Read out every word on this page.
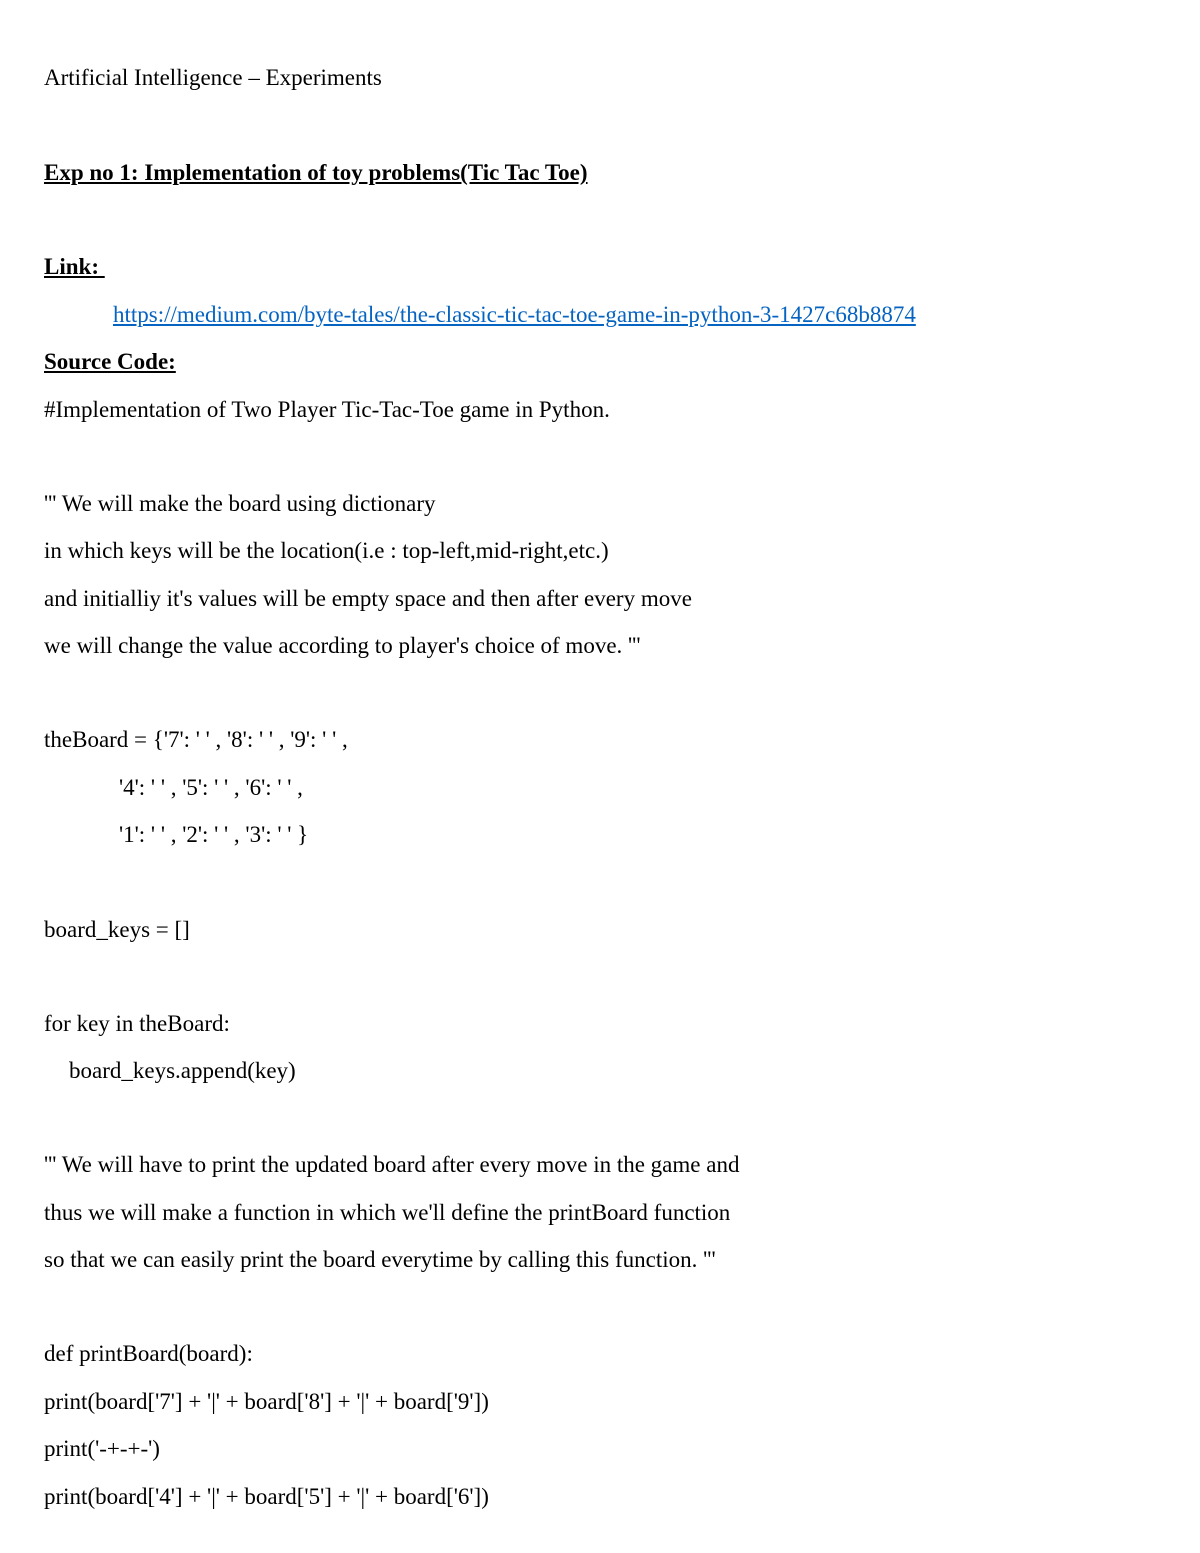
Artificial Intelligence – Experiments
Exp no 1: Implementation of toy problems(Tic Tac Toe)
Link:
https://medium.com/byte-tales/the-classic-tic-tac-toe-game-in-python-3-1427c68b8874
Source Code:
#Implementation of Two Player Tic-Tac-Toe game in Python.
''' We will make the board using dictionary
in which keys will be the location(i.e : top-left,mid-right,etc.)
and initialliy it's values will be empty space and then after every move
we will change the value according to player's choice of move. '''
theBoard = {'7': ' ' , '8': ' ' , '9': ' ' ,
'4': ' ' , '5': ' ' , '6': ' ' ,
'1': ' ' , '2': ' ' , '3': ' ' }
board_keys = []
for key in theBoard:
board_keys.append(key)
''' We will have to print the updated board after every move in the game and
thus we will make a function in which we'll define the printBoard function
so that we can easily print the board everytime by calling this function. '''
def printBoard(board):
print(board['7'] + '|' + board['8'] + '|' + board['9'])
print('-+-+-')
print(board['4'] + '|' + board['5'] + '|' + board['6'])
